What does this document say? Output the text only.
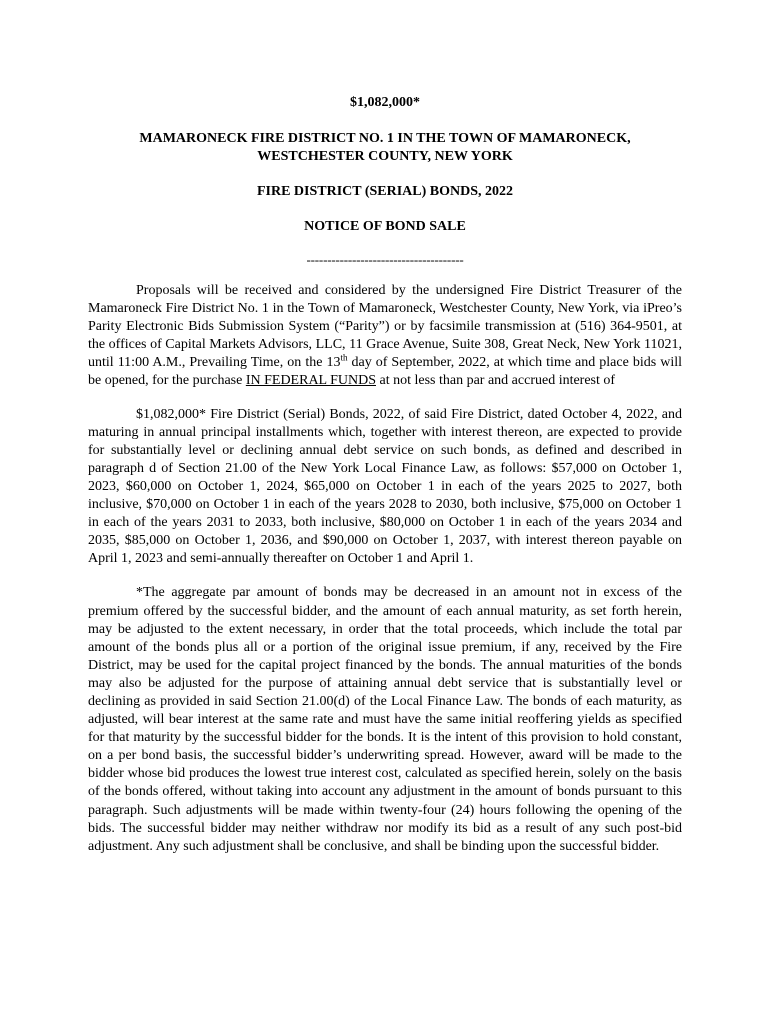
$1,082,000*
MAMARONECK FIRE DISTRICT NO. 1 IN THE TOWN OF MAMARONECK,
WESTCHESTER COUNTY, NEW YORK
FIRE DISTRICT (SERIAL) BONDS, 2022
NOTICE OF BOND SALE
--------------------------------------

Proposals will be received and considered by the undersigned Fire District Treasurer of the Mamaroneck Fire District No. 1 in the Town of Mamaroneck, Westchester County, New York, via iPreo’s Parity Electronic Bids Submission System (“Parity”) or by facsimile transmission at (516) 364-9501, at the offices of Capital Markets Advisors, LLC, 11 Grace Avenue, Suite 308, Great Neck, New York 11021, until 11:00 A.M., Prevailing Time, on the 13th day of September, 2022, at which time and place bids will be opened, for the purchase IN FEDERAL FUNDS at not less than par and accrued interest of

$1,082,000* Fire District (Serial) Bonds, 2022, of said Fire District, dated October 4, 2022, and maturing in annual principal installments which, together with interest thereon, are expected to provide for substantially level or declining annual debt service on such bonds, as defined and described in paragraph d of Section 21.00 of the New York Local Finance Law, as follows: $57,000 on October 1, 2023, $60,000 on October 1, 2024, $65,000 on October 1 in each of the years 2025 to 2027, both inclusive, $70,000 on October 1 in each of the years 2028 to 2030, both inclusive, $75,000 on October 1 in each of the years 2031 to 2033, both inclusive, $80,000 on October 1 in each of the years 2034 and 2035, $85,000 on October 1, 2036, and $90,000 on October 1, 2037, with interest thereon payable on April 1, 2023 and semi-annually thereafter on October 1 and April 1.

*The aggregate par amount of bonds may be decreased in an amount not in excess of the premium offered by the successful bidder, and the amount of each annual maturity, as set forth herein, may be adjusted to the extent necessary, in order that the total proceeds, which include the total par amount of the bonds plus all or a portion of the original issue premium, if any, received by the Fire District, may be used for the capital project financed by the bonds. The annual maturities of the bonds may also be adjusted for the purpose of attaining annual debt service that is substantially level or declining as provided in said Section 21.00(d) of the Local Finance Law. The bonds of each maturity, as adjusted, will bear interest at the same rate and must have the same initial reoffering yields as specified for that maturity by the successful bidder for the bonds. It is the intent of this provision to hold constant, on a per bond basis, the successful bidder’s underwriting spread. However, award will be made to the bidder whose bid produces the lowest true interest cost, calculated as specified herein, solely on the basis of the bonds offered, without taking into account any adjustment in the amount of bonds pursuant to this paragraph. Such adjustments will be made within twenty-four (24) hours following the opening of the bids. The successful bidder may neither withdraw nor modify its bid as a result of any such post-bid adjustment. Any such adjustment shall be conclusive, and shall be binding upon the successful bidder.
